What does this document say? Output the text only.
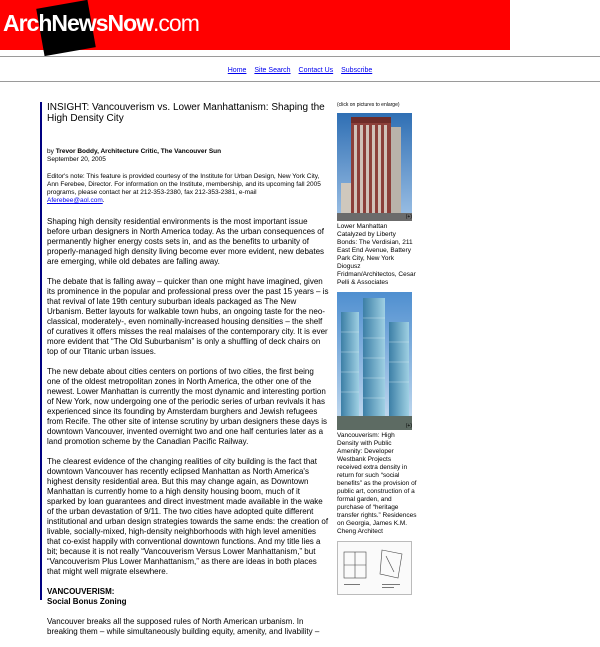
ArchNewsNow.com
Home Site Search Contact Us Subscribe
INSIGHT: Vancouverism vs. Lower Manhattanism: Shaping the High Density City
by Trevor Boddy, Architecture Critic, The Vancouver Sun
September 20, 2005
Editor's note: This feature is provided courtesy of the Institute for Urban Design, New York City, Ann Ferebee, Director. For information on the Institute, membership, and its upcoming fall 2005 programs, please contact her at 212-353-2380, fax 212-353-2381, e-mail
Aferebee@aol.com.

Shaping high density residential environments is the most important issue before urban designers in North America today. As the urban consequences of permanently higher energy costs sets in, and as the benefits to urbanity of properly-managed high density living become ever more evident, new debates are emerging, while old debates are falling away.

The debate that is falling away – quicker than one might have imagined, given its prominence in the popular and professional press over the past 15 years – is that revival of late 19th century suburban ideals packaged as The New Urbanism. Better layouts for walkable town hubs, an ongoing taste for the neo-classical, moderately-, even nominally-increased housing densities – the shelf of curatives it offers misses the real malaises of the contemporary city. It is ever more evident that “The Old Suburbanism” is only a shuffling of deck chairs on top of our Titanic urban issues.

The new debate about cities centers on portions of two cities, the first being one of the oldest metropolitan zones in North America, the other one of the newest. Lower Manhattan is currently the most dynamic and interesting portion of New York, now undergoing one of the periodic series of urban revivals it has experienced since its founding by Amsterdam burghers and Jewish refugees from Recife. The other site of intense scrutiny by urban designers these days is downtown Vancouver, invented overnight two and one half centuries later as a land promotion scheme by the Canadian Pacific Railway.

The clearest evidence of the changing realities of city building is the fact that downtown Vancouver has recently eclipsed Manhattan as North America's highest density residential area. But this may change again, as Downtown Manhattan is currently home to a high density housing boom, much of it sparked by loan guarantees and direct investment made available in the wake of the urban devastation of 9/11. The two cities have adopted quite different institutional and urban design strategies towards the same ends: the creation of livable, socially-mixed, high-density neighborhoods with high level amenities that co-exist happily with conventional downtown functions. And my title lies a bit; because it is not really “Vancouverism Versus Lower Manhattanism,” but “Vancouverism Plus Lower Manhattanism,” as there are ideas in both places that might well migrate elsewhere.

VANCOUVERISM:
Social Bonus Zoning

Vancouver breaks all the supposed rules of North American urbanism. In breaking them – while simultaneously building equity, amenity, and livability –

(click on pictures to enlarge)
(+)
Lower Manhattan Catalyzed by Liberty Bonds: The Verdisian, 211 East End Avenue, Battery Park City, New York Diogusz Fridman/Architectos, Cesar Pelli & Associates
(+)
Vancouverism: High Density with Public Amenity: Developer Westbank Projects received extra density in return for such “social benefits” as the provision of public art, construction of a formal garden, and purchase of “heritage transfer rights.” Residences on Georgia, James K.M. Cheng Architect
